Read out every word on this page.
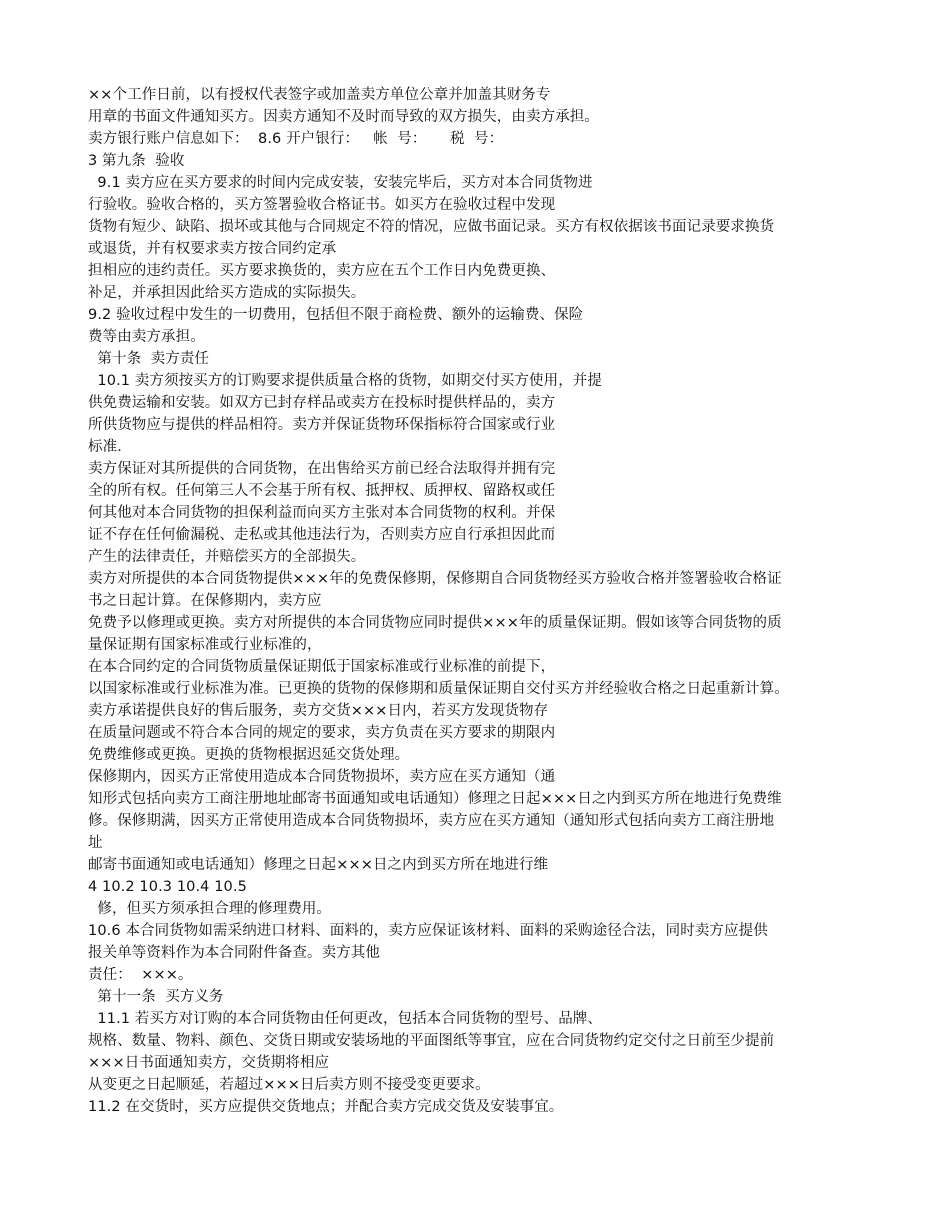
××个工作日前，以有授权代表签字或加盖卖方单位公章并加盖其财务专
用章的书面文件通知买方。因卖方通知不及时而导致的双方损失，由卖方承担。
卖方银行账户信息如下：  8.6 开户银行：   帐  号：     税  号：
3 第九条  验收
9.1 卖方应在买方要求的时间内完成安装，安装完毕后，买方对本合同货物进
行验收。验收合格的，买方签署验收合格证书。如买方在验收过程中发现
货物有短少、缺陷、损坏或其他与合同规定不符的情况，应做书面记录。买方有权依据该书面记录要求换货
或退货，并有权要求卖方按合同约定承
担相应的违约责任。买方要求换货的，卖方应在五个工作日内免费更换、
补足，并承担因此给买方造成的实际损失。
9.2 验收过程中发生的一切费用，包括但不限于商检费、额外的运输费、保险
费等由卖方承担。
第十条  卖方责任
10.1 卖方须按买方的订购要求提供质量合格的货物，如期交付买方使用，并提
供免费运输和安装。如双方已封存样品或卖方在投标时提供样品的，卖方
所供货物应与提供的样品相符。卖方并保证货物环保指标符合国家或行业
标准．
卖方保证对其所提供的合同货物，在出售给买方前已经合法取得并拥有完
全的所有权。任何第三人不会基于所有权、抵押权、质押权、留路权或任
何其他对本合同货物的担保利益而向买方主张对本合同货物的权利。并保
证不存在任何偷漏税、走私或其他违法行为，否则卖方应自行承担因此而
产生的法律责任，并赔偿买方的全部损失。
卖方对所提供的本合同货物提供×××年的免费保修期，保修期自合同货物经买方验收合格并签署验收合格证
书之日起计算。在保修期内，卖方应
免费予以修理或更换。卖方对所提供的本合同货物应同时提供×××年的质量保证期。假如该等合同货物的质
量保证期有国家标准或行业标准的，
在本合同约定的合同货物质量保证期低于国家标准或行业标准的前提下，
以国家标准或行业标准为准。已更换的货物的保修期和质量保证期自交付买方并经验收合格之日起重新计算。
卖方承诺提供良好的售后服务，卖方交货×××日内，若买方发现货物存
在质量问题或不符合本合同的规定的要求，卖方负责在买方要求的期限内
免费维修或更换。更换的货物根据迟延交货处理。
保修期内，因买方正常使用造成本合同货物损坏，卖方应在买方通知（通
知形式包括向卖方工商注册地址邮寄书面通知或电话通知）修理之日起×××日之内到买方所在地进行免费维
修。保修期满，因买方正常使用造成本合同货物损坏，卖方应在买方通知（通知形式包括向卖方工商注册地
址
邮寄书面通知或电话通知）修理之日起×××日之内到买方所在地进行维
4 10.2 10.3 10.4 10.5
修，但买方须承担合理的修理费用。
10.6 本合同货物如需采纳进口材料、面料的，卖方应保证该材料、面料的采购途径合法，同时卖方应提供
报关单等资料作为本合同附件备查。卖方其他
责任：  ×××。
第十一条  买方义务
11.1 若买方对订购的本合同货物由任何更改，包括本合同货物的型号、品牌、
规格、数量、物料、颜色、交货日期或安装场地的平面图纸等事宜，应在合同货物约定交付之日前至少提前
×××日书面通知卖方，交货期将相应
从变更之日起顺延，若超过×××日后卖方则不接受变更要求。
11.2 在交货时，买方应提供交货地点；并配合卖方完成交货及安装事宜。
